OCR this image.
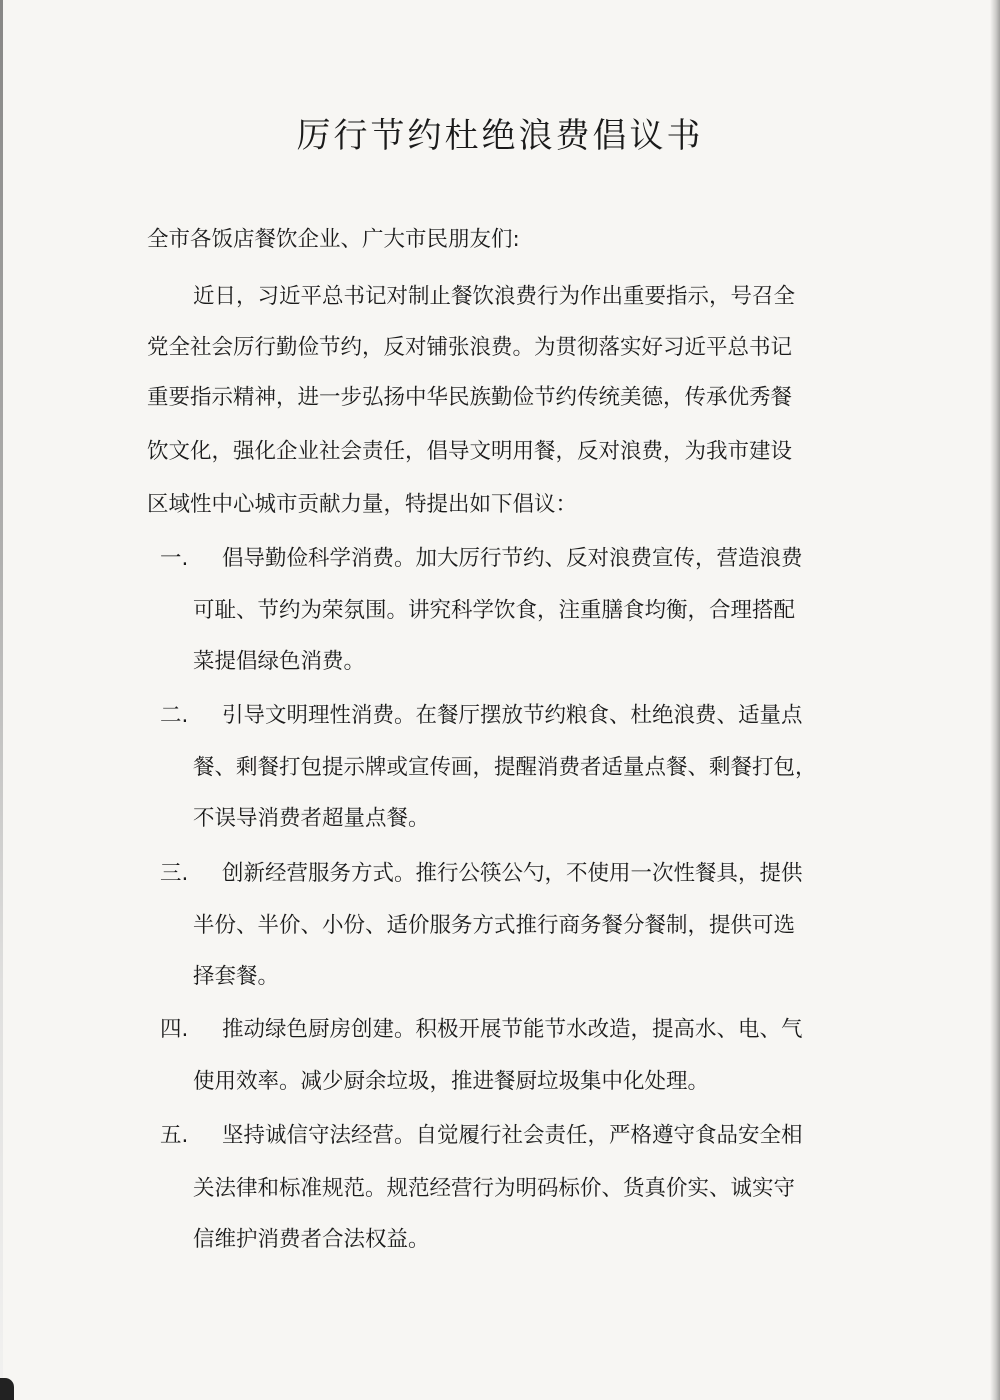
厉行节约杜绝浪费倡议书
全市各饭店餐饮企业、广大市民朋友们:
近日，习近平总书记对制止餐饮浪费行为作出重要指示，号召全
党全社会厉行勤俭节约，反对铺张浪费。为贯彻落实好习近平总书记
重要指示精神，进一步弘扬中华民族勤俭节约传统美德，传承优秀餐
饮文化，强化企业社会责任，倡导文明用餐，反对浪费，为我市建设
区域性中心城市贡献力量，特提出如下倡议：
一. 倡导勤俭科学消费。加大厉行节约、反对浪费宣传，营造浪费
可耻、节约为荣氛围。讲究科学饮食，注重膳食均衡，合理搭配
菜提倡绿色消费。
二. 引导文明理性消费。在餐厅摆放节约粮食、杜绝浪费、适量点
餐、剩餐打包提示牌或宣传画，提醒消费者适量点餐、剩餐打包，
不误导消费者超量点餐。
三. 创新经营服务方式。推行公筷公勺，不使用一次性餐具，提供
半份、半价、小份、适价服务方式推行商务餐分餐制，提供可选
择套餐。
四. 推动绿色厨房创建。积极开展节能节水改造，提高水、电、气
使用效率。减少厨余垃圾，推进餐厨垃圾集中化处理。
五. 坚持诚信守法经营。自觉履行社会责任，严格遵守食品安全相
关法律和标准规范。规范经营行为明码标价、货真价实、诚实守
信维护消费者合法权益。
